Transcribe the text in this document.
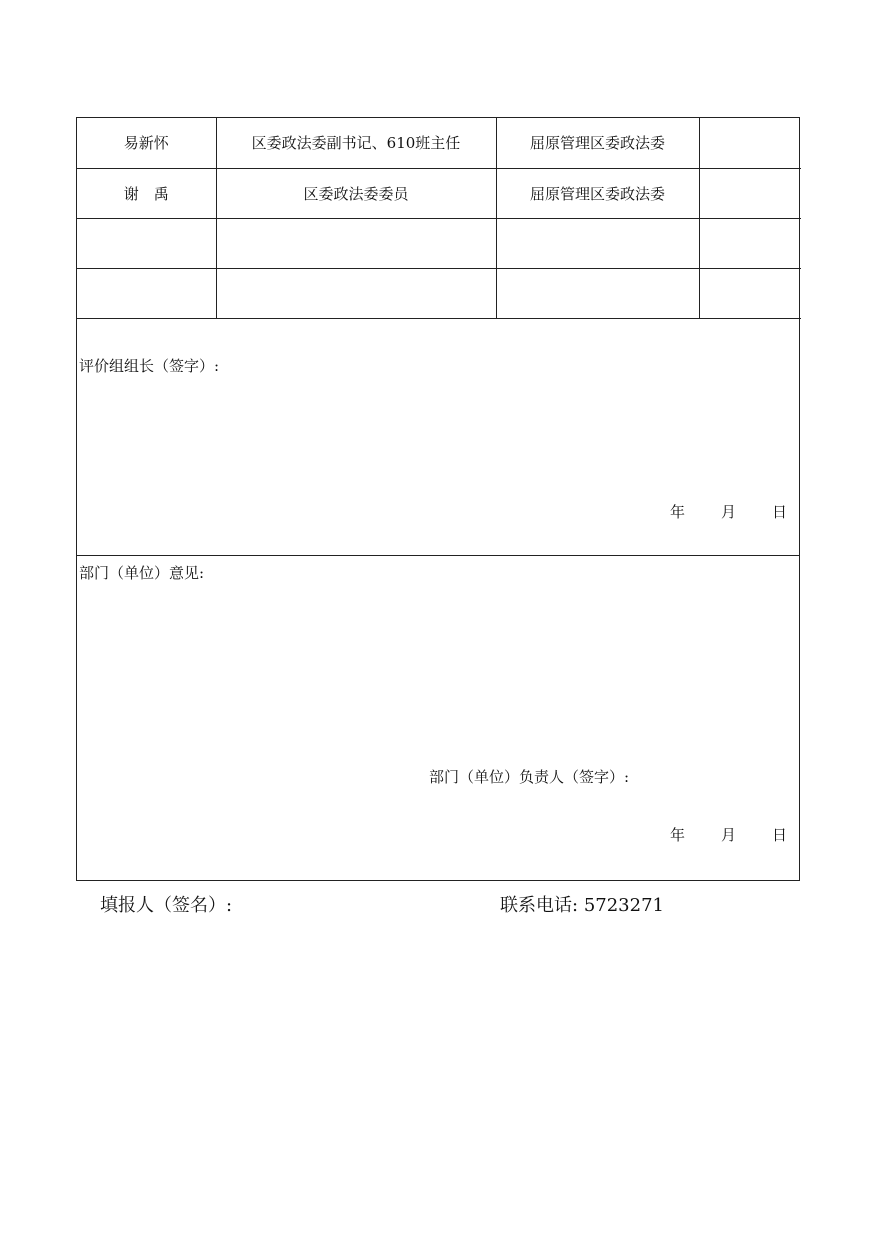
易新怀	区委政法委副书记、610班主任	屈原管理区委政法委	
谢　禹	区委政法委委员	屈原管理区委政法委	

评价组组长（签字）:
年 月 日
部门（单位）意见:
部门（单位）负责人（签字）:
年 月 日
填报人（签名）:	联系电话: 5723271
